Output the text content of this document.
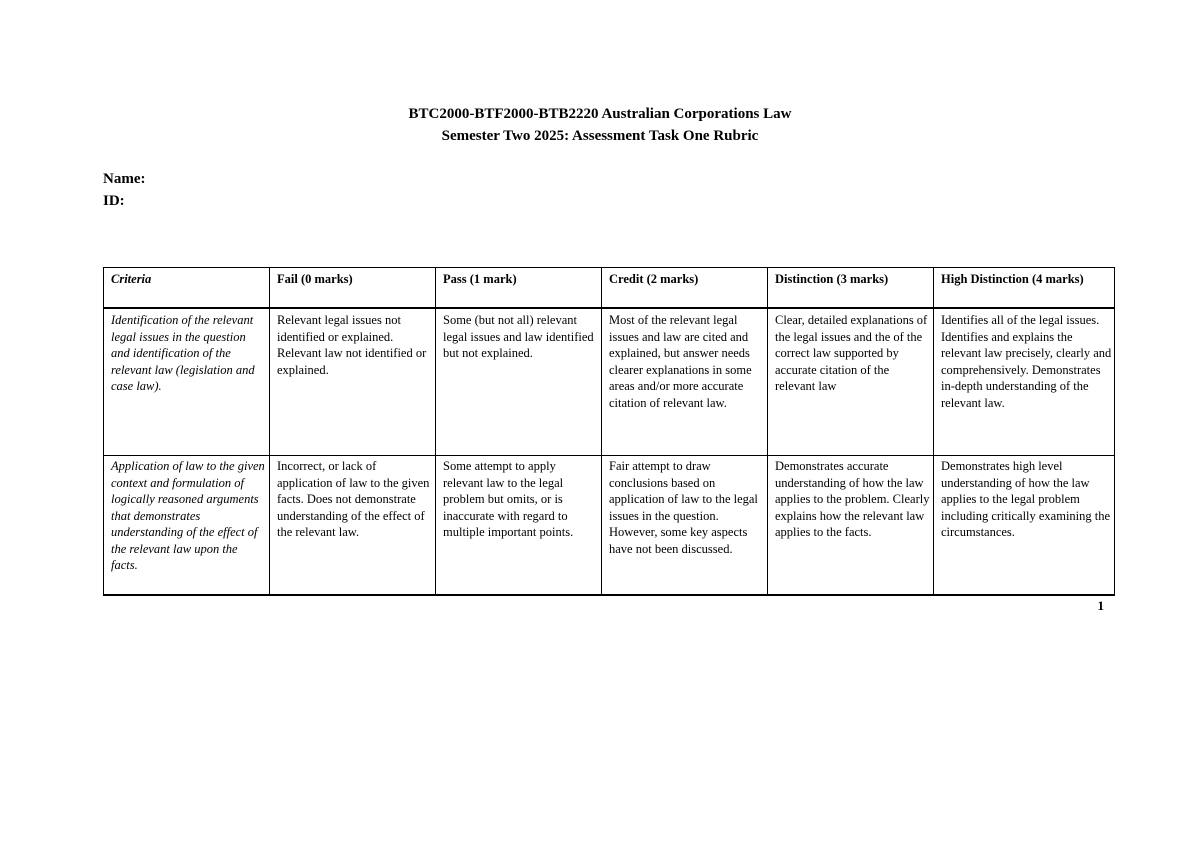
BTC2000-BTF2000-BTB2220 Australian Corporations Law
Semester Two 2025: Assessment Task One Rubric
Name:
ID:
Criteria	Fail (0 marks)	Pass (1 mark)	Credit (2 marks)	Distinction (3 marks)	High Distinction (4 marks)
Identification of the relevant legal issues in the question and identification of the relevant law (legislation and case law).	Relevant legal issues not identified or explained. Relevant law not identified or explained.	Some (but not all) relevant legal issues and law identified but not explained.	Most of the relevant legal issues and law are cited and explained, but answer needs clearer explanations in some areas and/or more accurate citation of relevant law.	Clear, detailed explanations of the legal issues and the of the correct law supported by accurate citation of the relevant law	Identifies all of the legal issues. Identifies and explains the relevant law precisely, clearly and comprehensively. Demonstrates in-depth understanding of the relevant law.
Application of law to the given context and formulation of logically reasoned arguments that demonstrates understanding of the effect of the relevant law upon the facts.	Incorrect, or lack of application of law to the given facts. Does not demonstrate understanding of the effect of the relevant law.	Some attempt to apply relevant law to the legal problem but omits, or is inaccurate with regard to multiple important points.	Fair attempt to draw conclusions based on application of law to the legal issues in the question. However, some key aspects have not been discussed.	Demonstrates accurate understanding of how the law applies to the problem. Clearly explains how the relevant law applies to the facts.	Demonstrates high level understanding of how the law applies to the legal problem including critically examining the circumstances.
1
